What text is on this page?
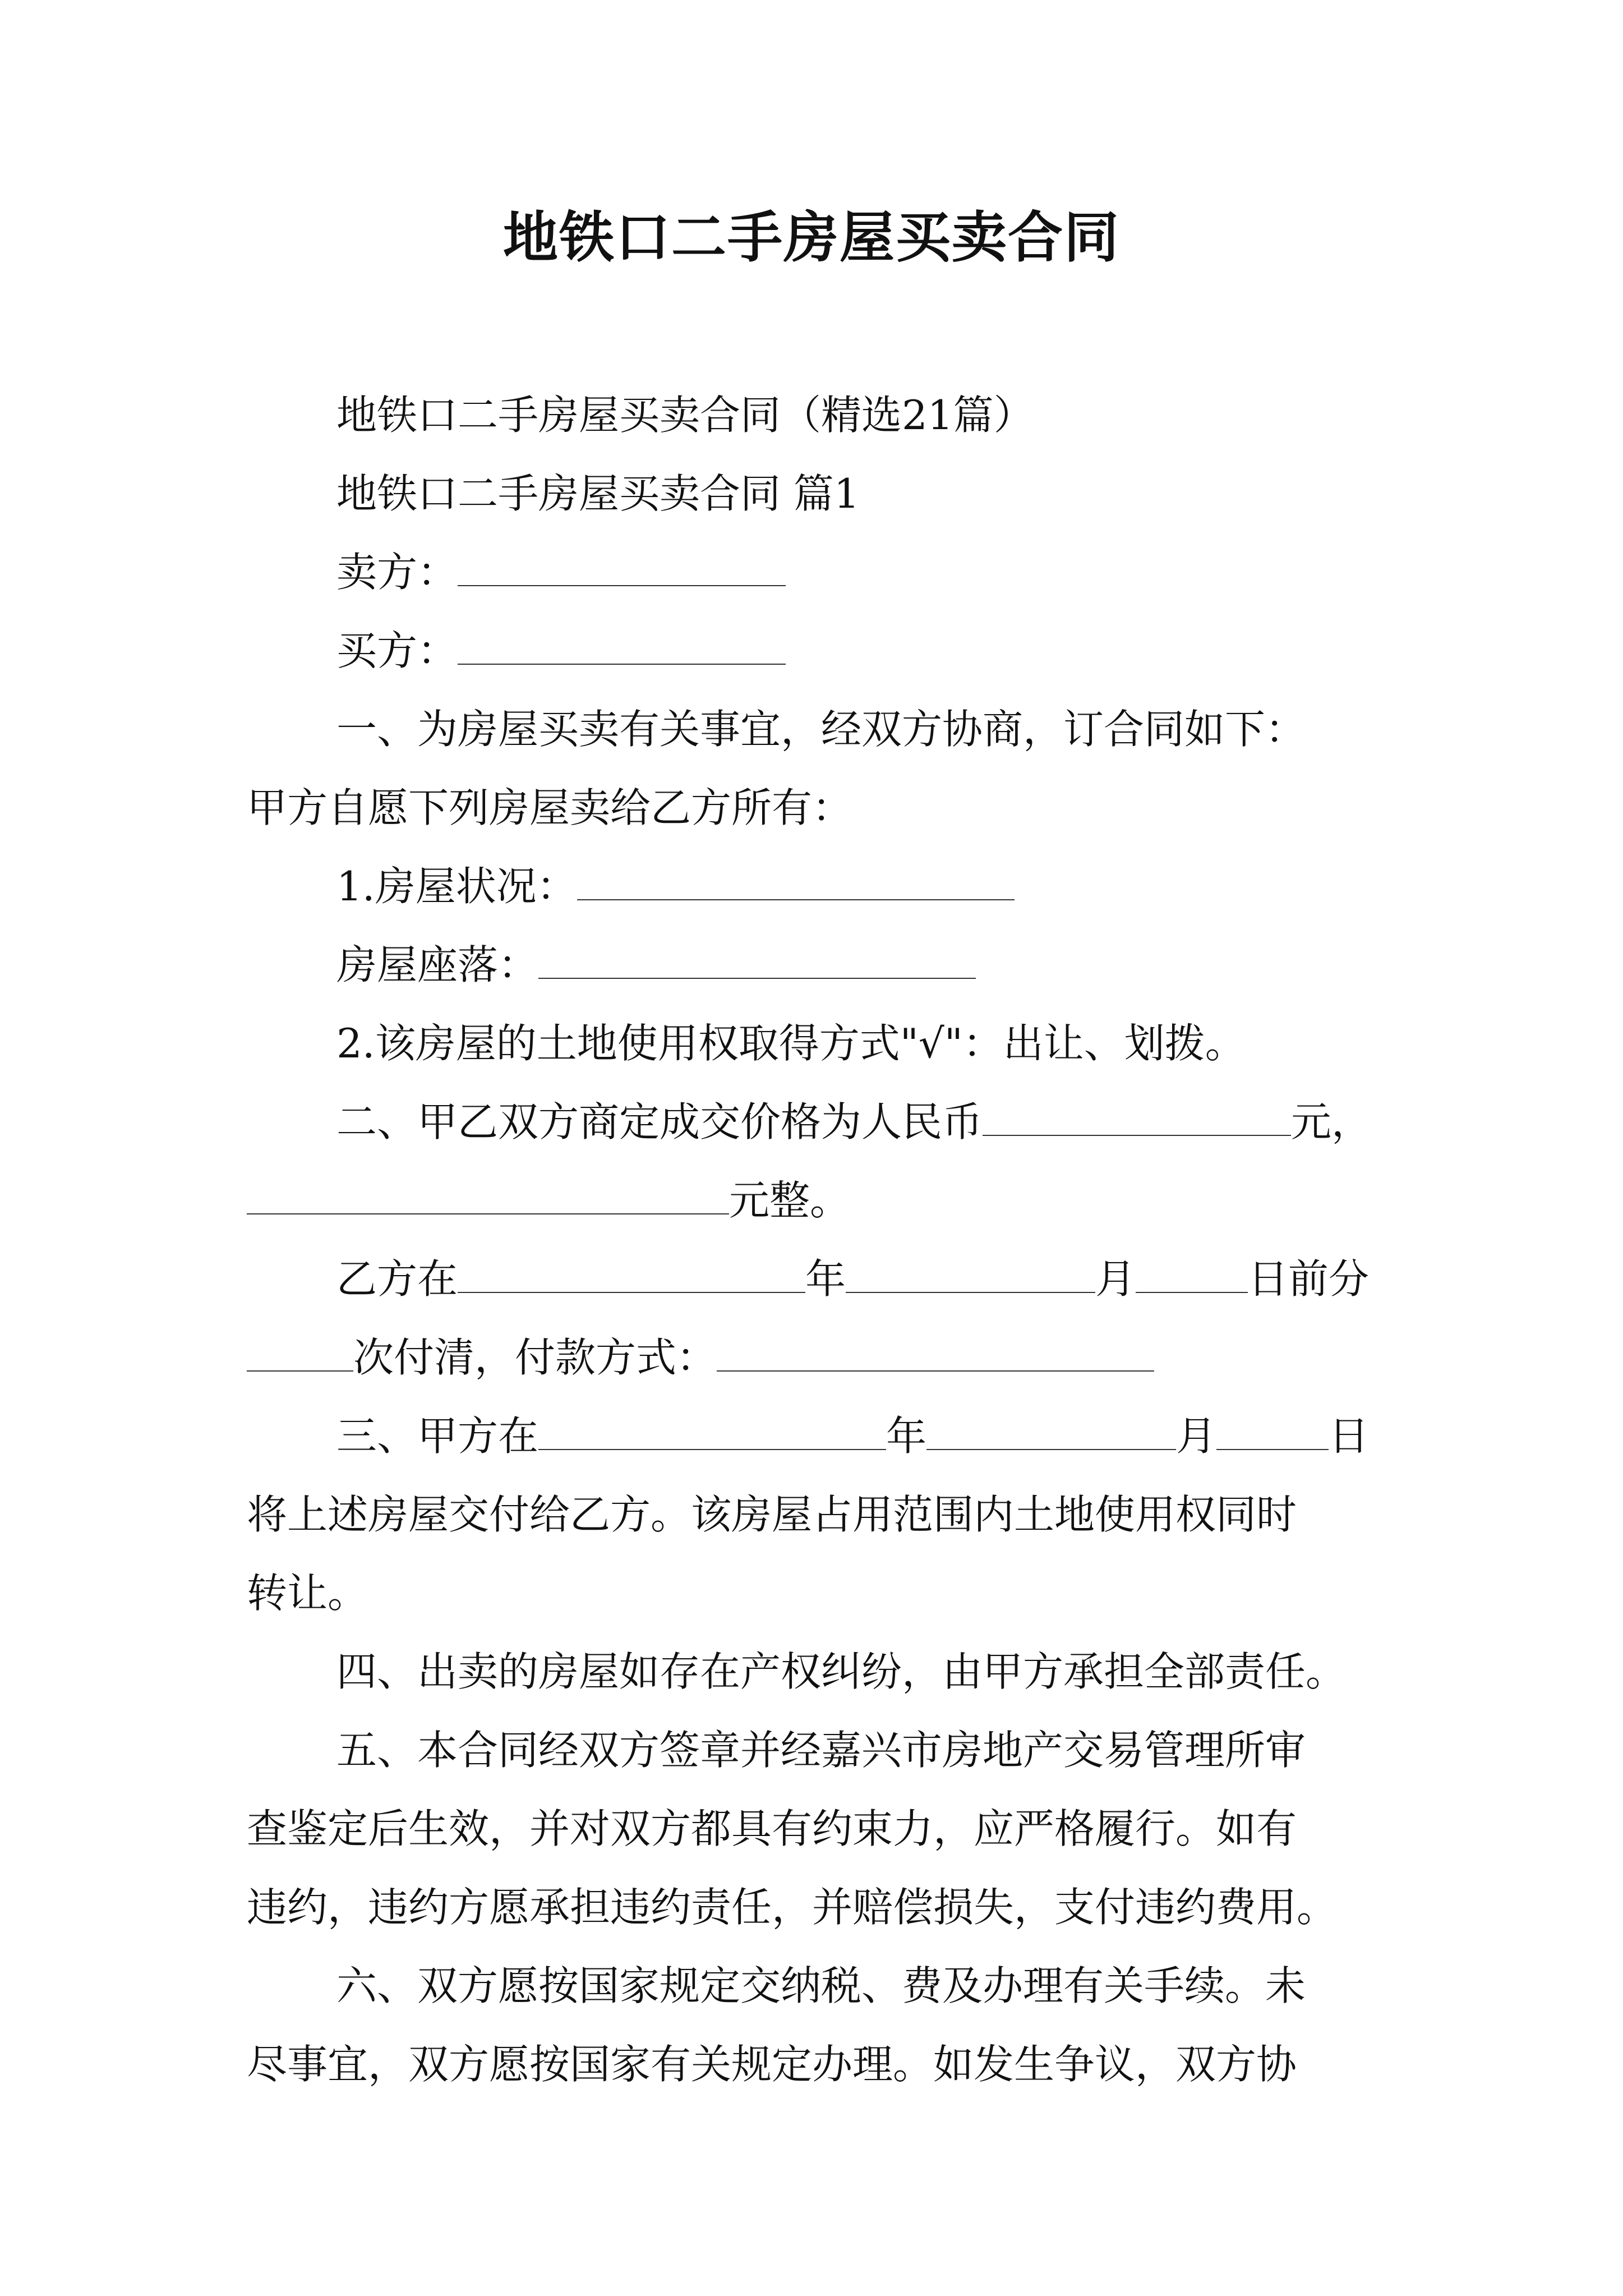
地铁口二手房屋买卖合同
地铁口二手房屋买卖合同（精选21篇）
地铁口二手房屋买卖合同 篇1
卖方：
买方：
一、为房屋买卖有关事宜，经双方协商，订合同如下：
甲方自愿下列房屋卖给乙方所有：
1.房屋状况：
房屋座落：
2.该房屋的土地使用权取得方式"√"：出让、划拨。
二、甲乙双方商定成交价格为人民币	元，
元整。
乙方在	年	月	日前分
次付清，付款方式：
三、甲方在	年	月	日
将上述房屋交付给乙方。该房屋占用范围内土地使用权同时
转让。
四、出卖的房屋如存在产权纠纷，由甲方承担全部责任。
五、本合同经双方签章并经嘉兴市房地产交易管理所审
查鉴定后生效，并对双方都具有约束力，应严格履行。如有
违约，违约方愿承担违约责任，并赔偿损失，支付违约费用。
六、双方愿按国家规定交纳税、费及办理有关手续。未
尽事宜，双方愿按国家有关规定办理。如发生争议，双方协
